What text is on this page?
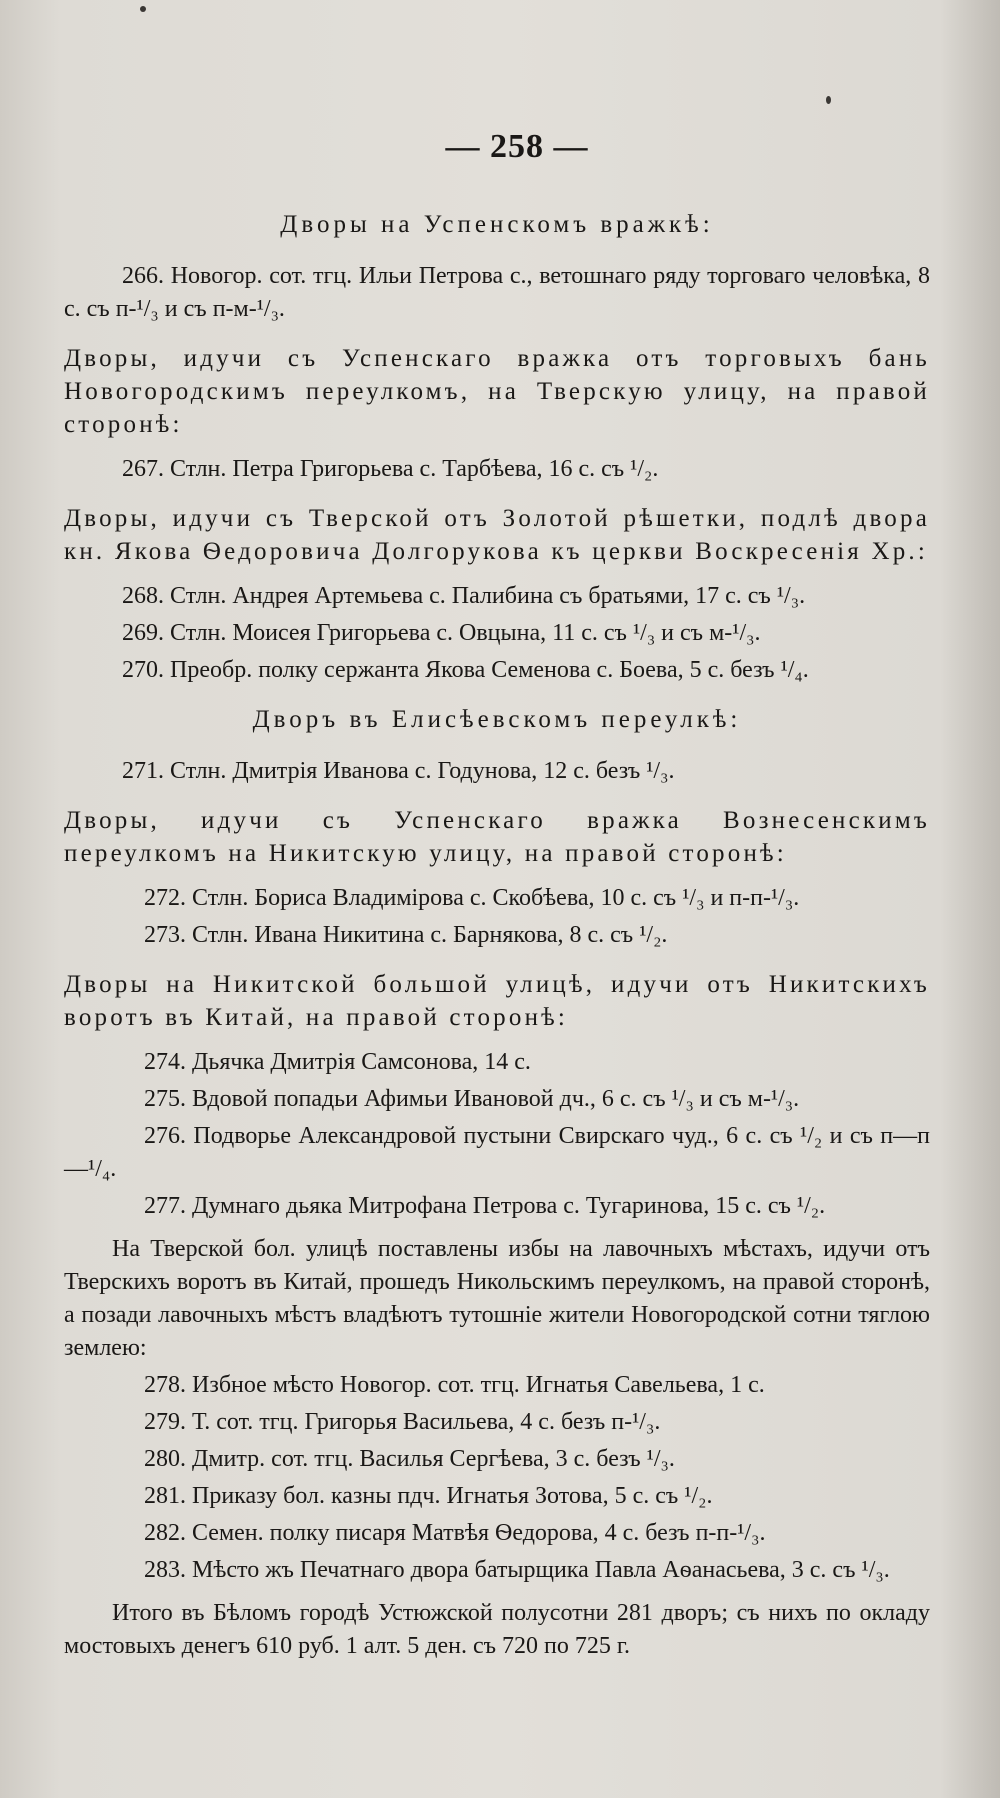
— 258 —

Дворы на Успенскомъ вражкѣ:

266. Новогор. сот. тгц. Ильи Петрова с., ветошнаго ряду торговаго человѣка, 8 с. съ п-¹/₃ и съ п-м-¹/₃.

Дворы, идучи съ Успенскаго вражка отъ торговыхъ бань Новогородскимъ переулкомъ, на Тверскую улицу, на правой сторонѣ:

267. Стлн. Петра Григорьева с. Тарбѣева, 16 с. съ ¹/₂.

Дворы, идучи съ Тверской отъ Золотой рѣшетки, подлѣ двора кн. Якова Ѳедоровича Долгорукова къ церкви Воскресенія Хр.:

268. Стлн. Андрея Артемьева с. Палибина съ братьями, 17 с. съ ¹/₃.

269. Стлн. Моисея Григорьева с. Овцына, 11 с. съ ¹/₃ и съ м-¹/₃.

270. Преобр. полку сержанта Якова Семенова с. Боева, 5 с. безъ ¹/₄.

Дворъ въ Елисѣевскомъ переулкѣ:

271. Стлн. Дмитрія Иванова с. Годунова, 12 с. безъ ¹/₃.

Дворы, идучи съ Успенскаго вражка Вознесенскимъ переулкомъ на Никитскую улицу, на правой сторонѣ:

272. Стлн. Бориса Владимірова с. Скобѣева, 10 с. съ ¹/₃ и п-п-¹/₃.

273. Стлн. Ивана Никитина с. Барнякова, 8 с. съ ¹/₂.

Дворы на Никитской большой улицѣ, идучи отъ Никитскихъ воротъ въ Китай, на правой сторонѣ:

274. Дьячка Дмитрія Самсонова, 14 с.

275. Вдовой попадьи Афимьи Ивановой дч., 6 с. съ ¹/₃ и съ м-¹/₃.

276. Подворье Александровой пустыни Свирскаго чуд., 6 с. съ ¹/₂ и съ п—п—¹/₄.

277. Думнаго дьяка Митрофана Петрова с. Тугаринова, 15 с. съ ¹/₂.

На Тверской бол. улицѣ поставлены избы на лавочныхъ мѣстахъ, идучи отъ Тверскихъ воротъ въ Китай, прошедъ Никольскимъ переулкомъ, на правой сторонѣ, а позади лавочныхъ мѣстъ владѣютъ тутошніе жители Новогородской сотни тяглою землею:

278. Избное мѣсто Новогор. сот. тгц. Игнатья Савельева, 1 с.

279. Т. сот. тгц. Григорья Васильева, 4 с. безъ п-¹/₃.

280. Дмитр. сот. тгц. Василья Сергѣева, 3 с. безъ ¹/₃.

281. Приказу бол. казны пдч. Игнатья Зотова, 5 с. съ ¹/₂.

282. Семен. полку писаря Матвѣя Ѳедорова, 4 с. безъ п-п-¹/₃.

283. Мѣсто жъ Печатнаго двора батырщика Павла Аѳанасьева, 3 с. съ ¹/₃.

Итого въ Бѣломъ городѣ Устюжской полусотни 281 дворъ; съ нихъ по окладу мостовыхъ денегъ 610 руб. 1 алт. 5 ден. съ 720 по 725 г.
